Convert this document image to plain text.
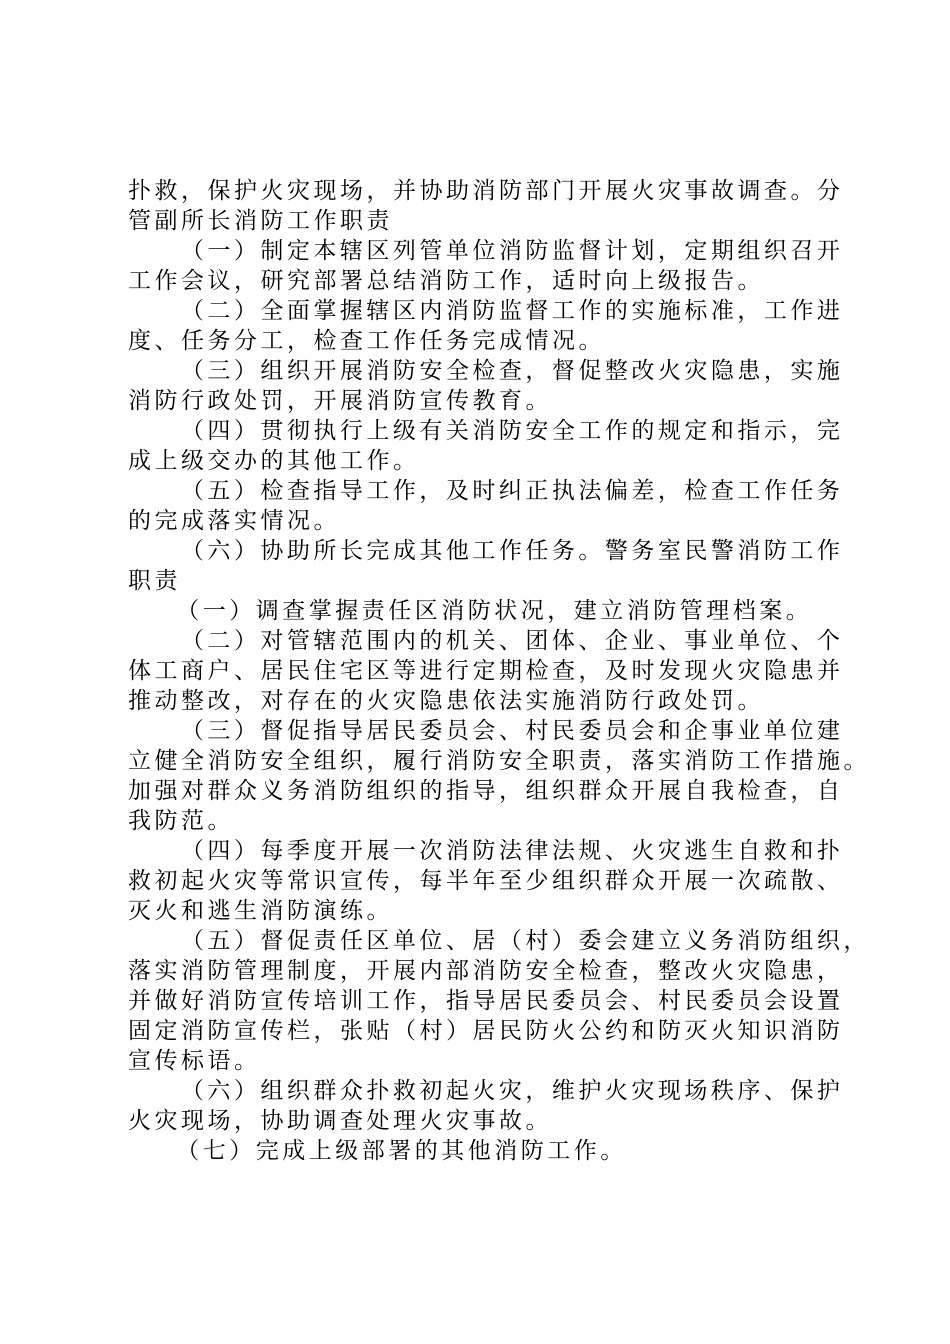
扑救，保护火灾现场，并协助消防部门开展火灾事故调查。分
管副所长消防工作职责

（一）制定本辖区列管单位消防监督计划，定期组织召开

工作会议，研究部署总结消防工作，适时向上级报告。

（二）全面掌握辖区内消防监督工作的实施标准，工作进

度、任务分工，检查工作任务完成情况。

（三）组织开展消防安全检查，督促整改火灾隐患，实施

消防行政处罚，开展消防宣传教育。

（四）贯彻执行上级有关消防安全工作的规定和指示，完

成上级交办的其他工作。

（五）检查指导工作，及时纠正执法偏差，检查工作任务

的完成落实情况。

（六）协助所长完成其他工作任务。警务室民警消防工作

职责

（一）调查掌握责任区消防状况，建立消防管理档案。

（二）对管辖范围内的机关、团体、企业、事业单位、个

体工商户、居民住宅区等进行定期检查，及时发现火灾隐患并
推动整改，对存在的火灾隐患依法实施消防行政处罚。

（三）督促指导居民委员会、村民委员会和企事业单位建

立健全消防安全组织，履行消防安全职责，落实消防工作措施。
加强对群众义务消防组织的指导，组织群众开展自我检查，自
我防范。

（四）每季度开展一次消防法律法规、火灾逃生自救和扑

救初起火灾等常识宣传，每半年至少组织群众开展一次疏散、
灭火和逃生消防演练。

（五）督促责任区单位、居（村）委会建立义务消防组织，

落实消防管理制度，开展内部消防安全检查，整改火灾隐患，
并做好消防宣传培训工作，指导居民委员会、村民委员会设置
固定消防宣传栏，张贴（村）居民防火公约和防灭火知识消防
宣传标语。

（六）组织群众扑救初起火灾，维护火灾现场秩序、保护

火灾现场，协助调查处理火灾事故。

（七）完成上级部署的其他消防工作。
